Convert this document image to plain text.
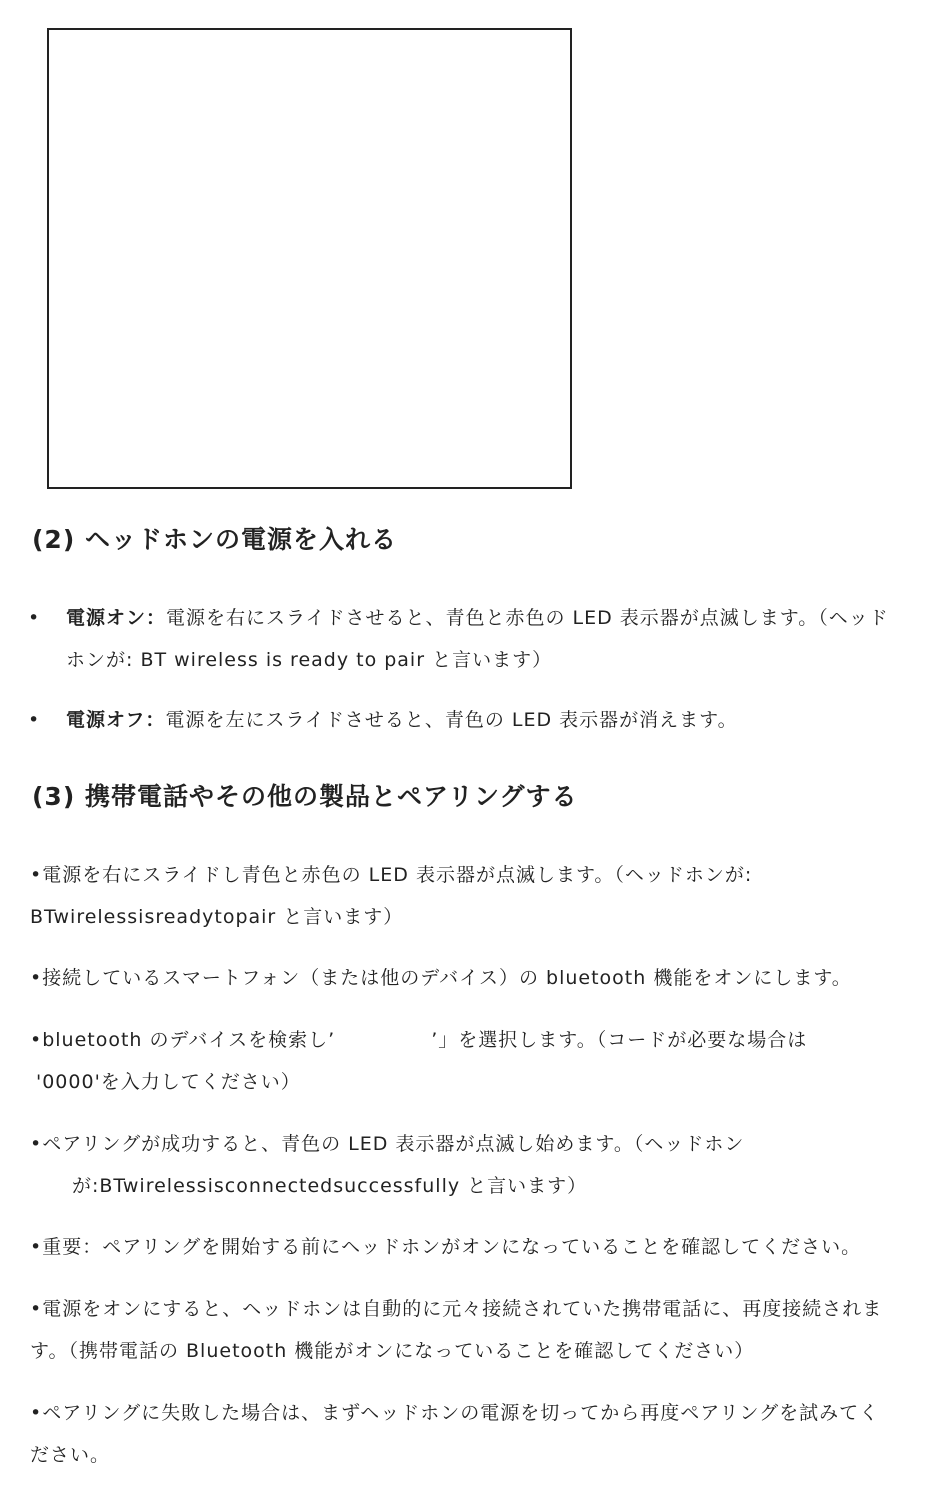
(2) ヘッドホンの電源を入れる
• 電源オン：電源を右にスライドさせると、青色と赤色の LED 表示器が点滅します。（ヘッド
ホンが: BT wireless is ready to pair と言います）
• 電源オフ：電源を左にスライドさせると、青色の LED 表示器が消えます。
(3) 携帯電話やその他の製品とペアリングする
•電源を右にスライドし青色と赤色の LED 表示器が点滅します。（ヘッドホンが:
BTwirelessisreadytopair と言います）

•接続しているスマートフォン（または他のデバイス）の bluetooth 機能をオンにします。

•bluetooth のデバイスを検索し’	’」を選択します。（コードが必要な場合は
'0000'を入力してください）
•ペアリングが成功すると、青色の LED 表示器が点滅し始めます。（ヘッドホン
が:BTwirelessisconnectedsuccessfully と言います）

•重要：ペアリングを開始する前にヘッドホンがオンになっていることを確認してください。

•電源をオンにすると、ヘッドホンは自動的に元々接続されていた携帯電話に、再度接続されま
す。（携帯電話の Bluetooth 機能がオンになっていることを確認してください）
•ペアリングに失敗した場合は、まずヘッドホンの電源を切ってから再度ペアリングを試みてく
ださい。
